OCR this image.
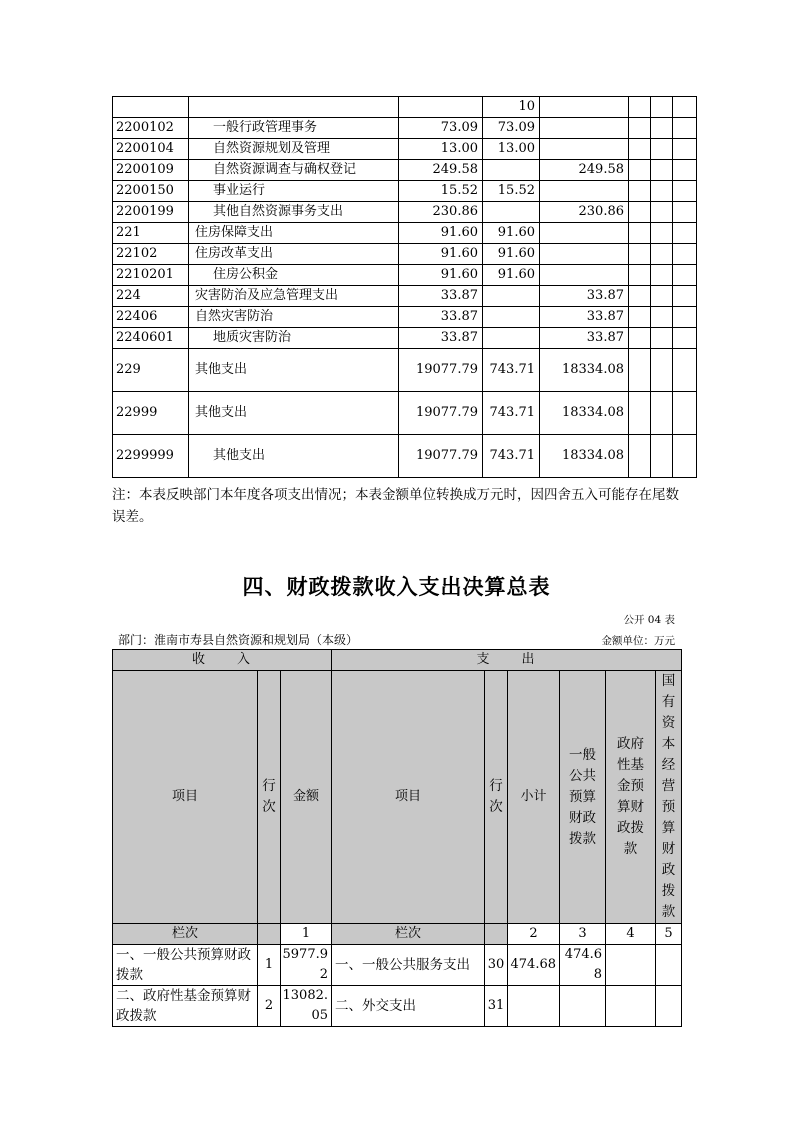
			10				
2200102	一般行政管理事务	73.09	73.09				
2200104	自然资源规划及管理	13.00	13.00				
2200109	自然资源调查与确权登记	249.58		249.58			
2200150	事业运行	15.52	15.52				
2200199	其他自然资源事务支出	230.86		230.86			
221	住房保障支出	91.60	91.60				
22102	住房改革支出	91.60	91.60				
2210201	住房公积金	91.60	91.60				
224	灾害防治及应急管理支出	33.87		33.87			
22406	自然灾害防治	33.87		33.87			
2240601	地质灾害防治	33.87		33.87			
229	其他支出	19077.79	743.71	18334.08			
22999	其他支出	19077.79	743.71	18334.08			
2299999	其他支出	19077.79	743.71	18334.08			
注：本表反映部门本年度各项支出情况；本表金额单位转换成万元时，因四舍五入可能存在尾数误差。
四、财政拨款收入支出决算总表
公开 04 表
部门：淮南市寿县自然资源和规划局（本级）	金额单位：万元
收　　入			支　　出					
项目	行次	金额	项目	行次	小计	一般公共预算财政拨款	政府性基金预算财政拨款	国有资本经营预算财政拨款
栏次		1	栏次		2	3	4	5
一、一般公共预算财政拨款	1	5977.92	一、一般公共服务支出	30	474.68	474.68		
二、政府性基金预算财政拨款	2	13082.05	二、外交支出	31				
